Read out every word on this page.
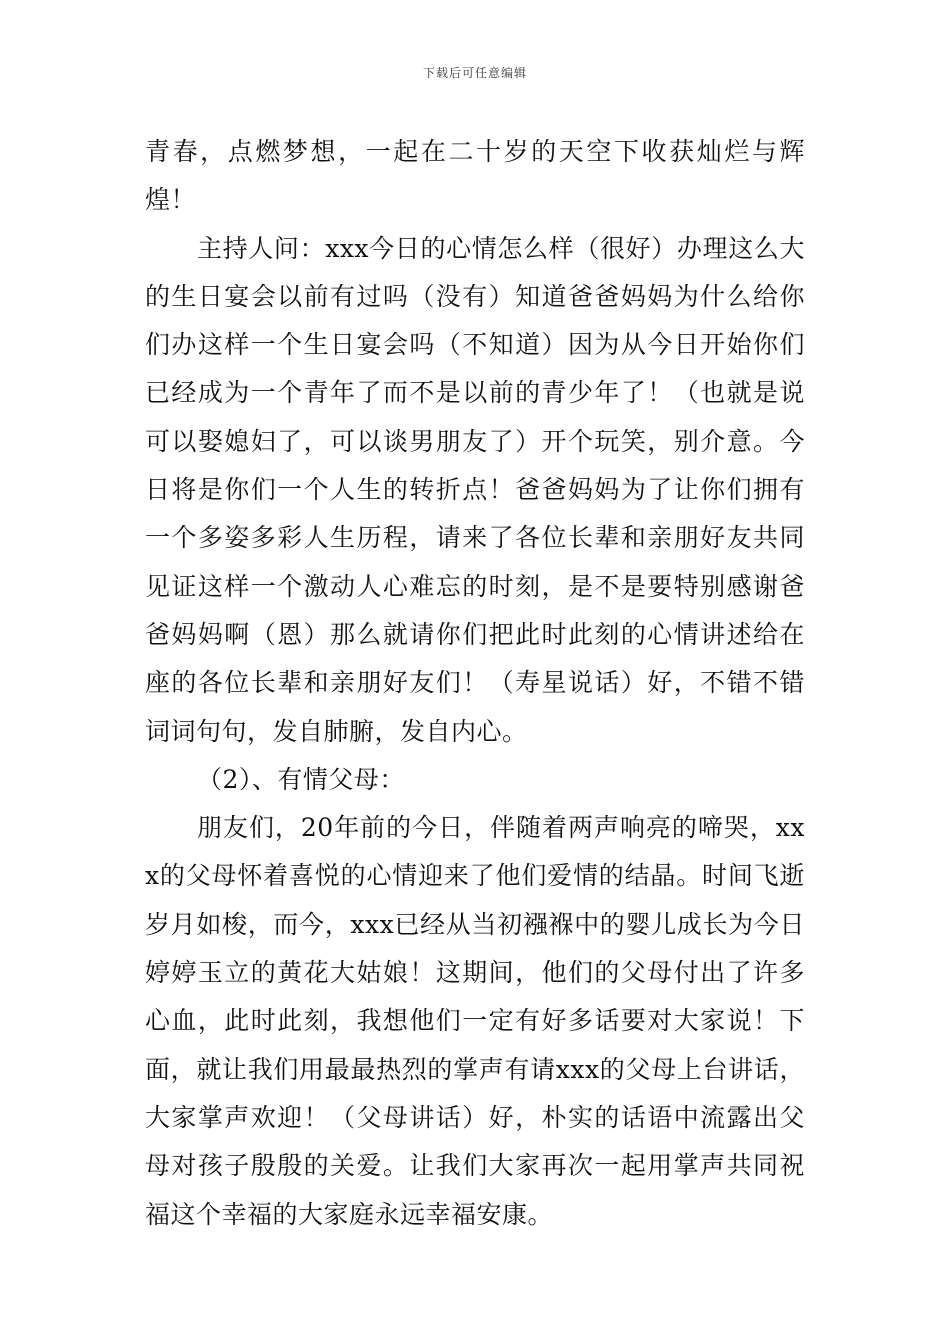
下载后可任意编辑

青春，点燃梦想，一起在二十岁的天空下收获灿烂与辉煌！

主持人问：xxx今日的心情怎么样（很好）办理这么大的生日宴会以前有过吗（没有）知道爸爸妈妈为什么给你们办这样一个生日宴会吗（不知道）因为从今日开始你们已经成为一个青年了而不是以前的青少年了！（也就是说可以娶媳妇了，可以谈男朋友了）开个玩笑，别介意。今日将是你们一个人生的转折点！爸爸妈妈为了让你们拥有一个多姿多彩人生历程，请来了各位长辈和亲朋好友共同见证这样一个激动人心难忘的时刻，是不是要特别感谢爸爸妈妈啊（恩）那么就请你们把此时此刻的心情讲述给在座的各位长辈和亲朋好友们！（寿星说话）好，不错不错词词句句，发自肺腑，发自内心。

（2）、有情父母：

朋友们，20年前的今日，伴随着两声响亮的啼哭，xxx的父母怀着喜悦的心情迎来了他们爱情的结晶。时间飞逝岁月如梭，而今，xxx已经从当初襁褓中的婴儿成长为今日婷婷玉立的黄花大姑娘！这期间，他们的父母付出了许多心血，此时此刻，我想他们一定有好多话要对大家说！下面，就让我们用最最热烈的掌声有请xxx的父母上台讲话，大家掌声欢迎！（父母讲话）好，朴实的话语中流露出父母对孩子殷殷的关爱。让我们大家再次一起用掌声共同祝福这个幸福的大家庭永远幸福安康。
